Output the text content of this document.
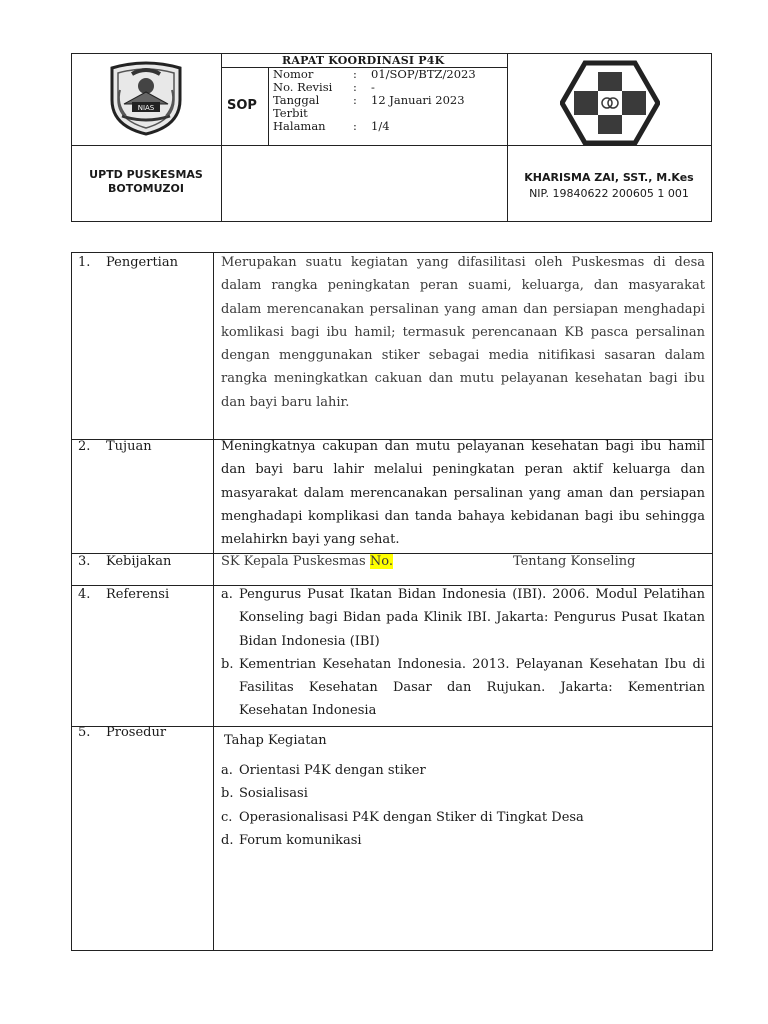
NIAS
RAPAT KOORDINASI P4K
SOP
Nomor	:	01/SOP/BTZ/2023
No. Revisi	:	-
Tanggal	:	12 Januari 2023
Terbit
Halaman	:	1/4
UPTD PUSKESMAS
BOTOMUZOI
KHARISMA ZAI, SST., M.Kes
NIP. 19840622 200605 1 001
1. Pengertian	Merupakan suatu kegiatan yang difasilitasi oleh Puskesmas di desa dalam rangka peningkatan peran suami, keluarga, dan masyarakat dalam merencanakan persalinan yang aman dan persiapan menghadapi komlikasi bagi ibu hamil; termasuk perencanaan KB pasca persalinan dengan menggunakan stiker sebagai media nitifikasi sasaran dalam rangka meningkatkan cakuan dan mutu pelayanan kesehatan bagi ibu dan bayi baru lahir.
2. Tujuan	Meningkatnya cakupan dan mutu pelayanan kesehatan bagi ibu hamil dan bayi baru lahir melalui peningkatan peran aktif keluarga dan masyarakat dalam merencanakan persalinan yang aman dan persiapan menghadapi komplikasi dan tanda bahaya kebidanan bagi ibu sehingga melahirkn bayi yang sehat.
3. Kebijakan	SK Kepala Puskesmas No.	Tentang Konseling
4. Referensi	a. Pengurus Pusat Ikatan Bidan Indonesia (IBI). 2006. Modul Pelatihan Konseling bagi Bidan pada Klinik IBI. Jakarta: Pengurus Pusat Ikatan Bidan Indonesia (IBI)
b. Kementrian Kesehatan Indonesia. 2013. Pelayanan Kesehatan Ibu di Fasilitas Kesehatan Dasar dan Rujukan. Jakarta: Kementrian Kesehatan Indonesia
5. Prosedur
Tahap Kegiatan
a. Orientasi P4K dengan stiker
b. Sosialisasi
c. Operasionalisasi P4K dengan Stiker di Tingkat Desa
d. Forum komunikasi
